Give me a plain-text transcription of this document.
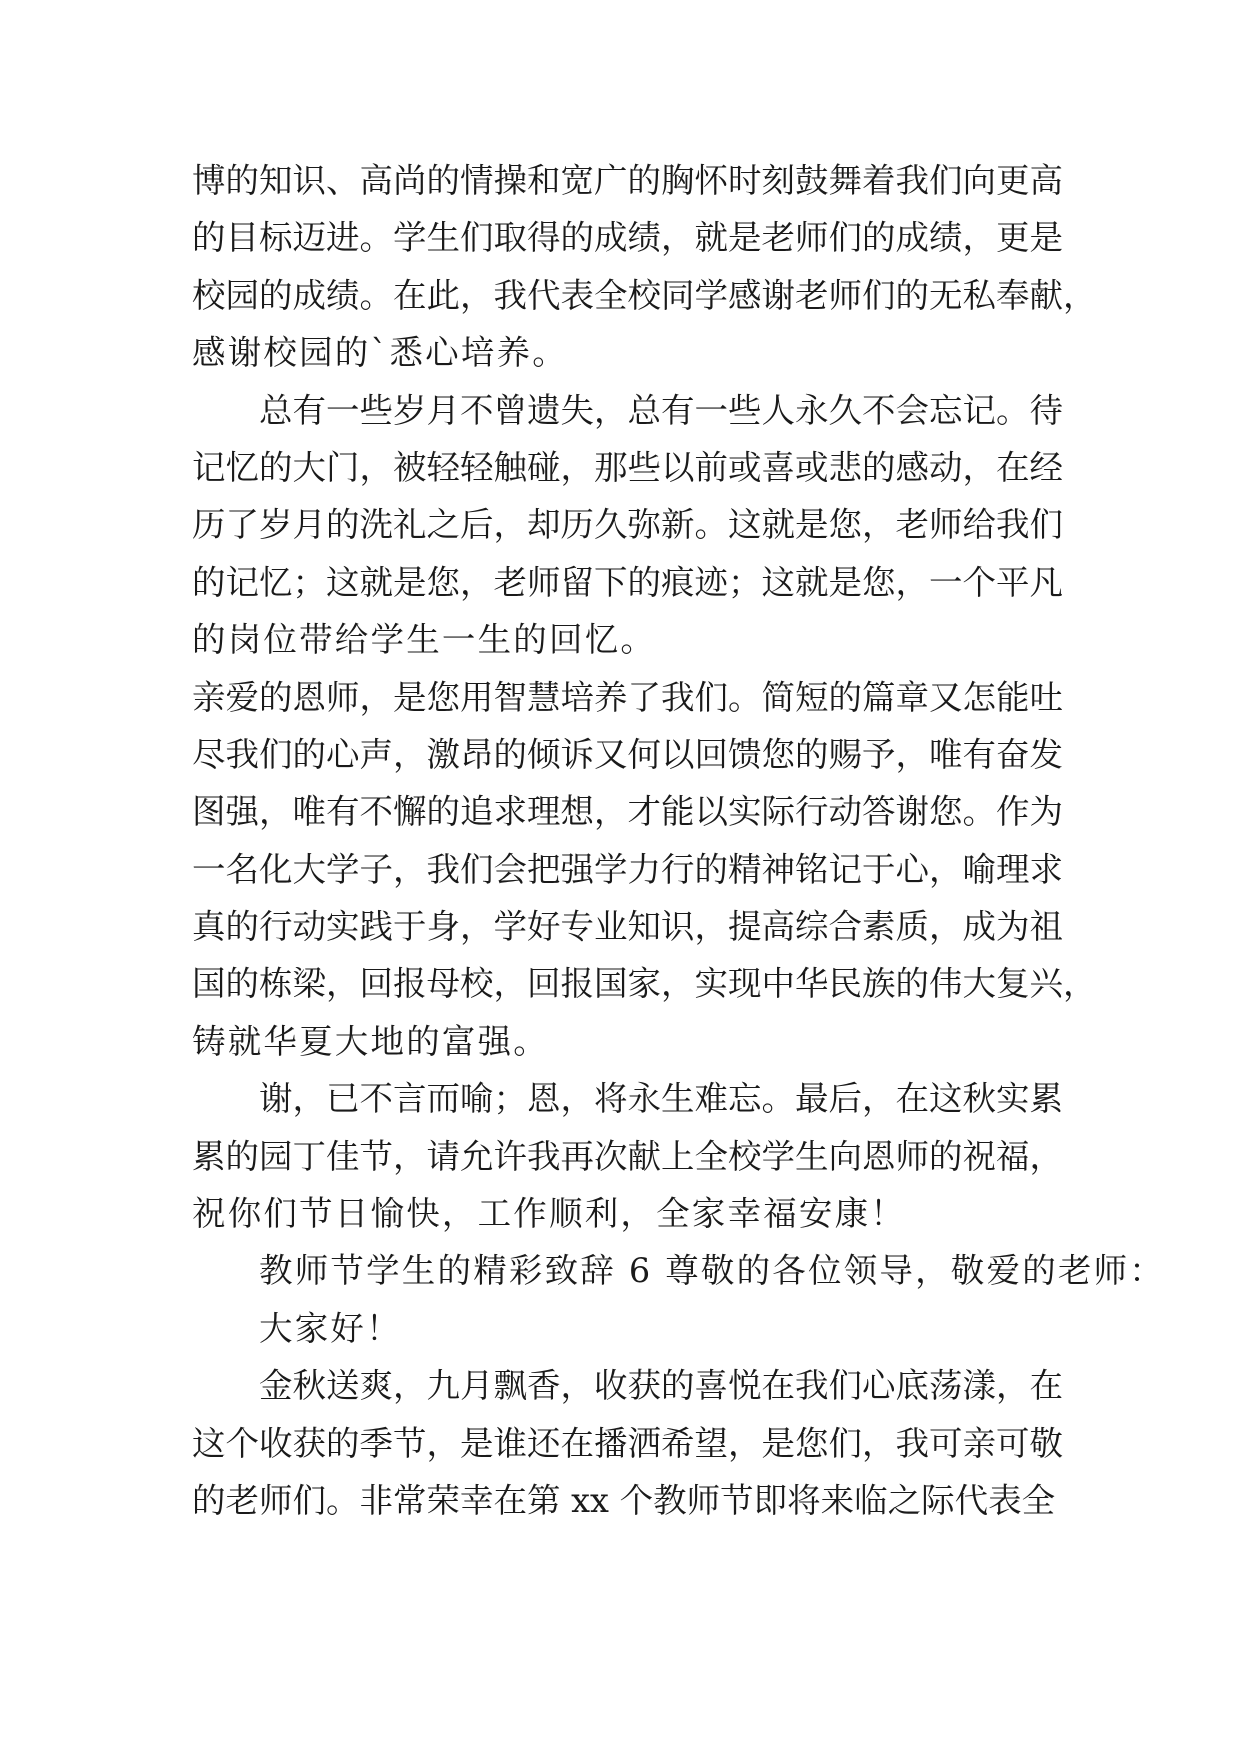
博的知识、高尚的情操和宽广的胸怀时刻鼓舞着我们向更高
的目标迈进。学生们取得的成绩，就是老师们的成绩，更是
校园的成绩。在此，我代表全校同学感谢老师们的无私奉献，
感谢校园的`悉心培养。
总有一些岁月不曾遗失，总有一些人永久不会忘记。待
记忆的大门，被轻轻触碰，那些以前或喜或悲的感动，在经
历了岁月的洗礼之后，却历久弥新。这就是您，老师给我们
的记忆；这就是您，老师留下的痕迹；这就是您，一个平凡
的岗位带给学生一生的回忆。
亲爱的恩师，是您用智慧培养了我们。简短的篇章又怎能吐
尽我们的心声，激昂的倾诉又何以回馈您的赐予，唯有奋发
图强，唯有不懈的追求理想，才能以实际行动答谢您。作为
一名化大学子，我们会把强学力行的精神铭记于心，喻理求
真的行动实践于身，学好专业知识，提高综合素质，成为祖
国的栋梁，回报母校，回报国家，实现中华民族的伟大复兴，
铸就华夏大地的富强。
谢，已不言而喻；恩，将永生难忘。最后，在这秋实累
累的园丁佳节，请允许我再次献上全校学生向恩师的祝福，
祝你们节日愉快，工作顺利，全家幸福安康！
教师节学生的精彩致辞 6 尊敬的各位领导，敬爱的老师：
大家好！
金秋送爽，九月飘香，收获的喜悦在我们心底荡漾，在
这个收获的季节，是谁还在播洒希望，是您们，我可亲可敬
的老师们。非常荣幸在第 xx 个教师节即将来临之际代表全
